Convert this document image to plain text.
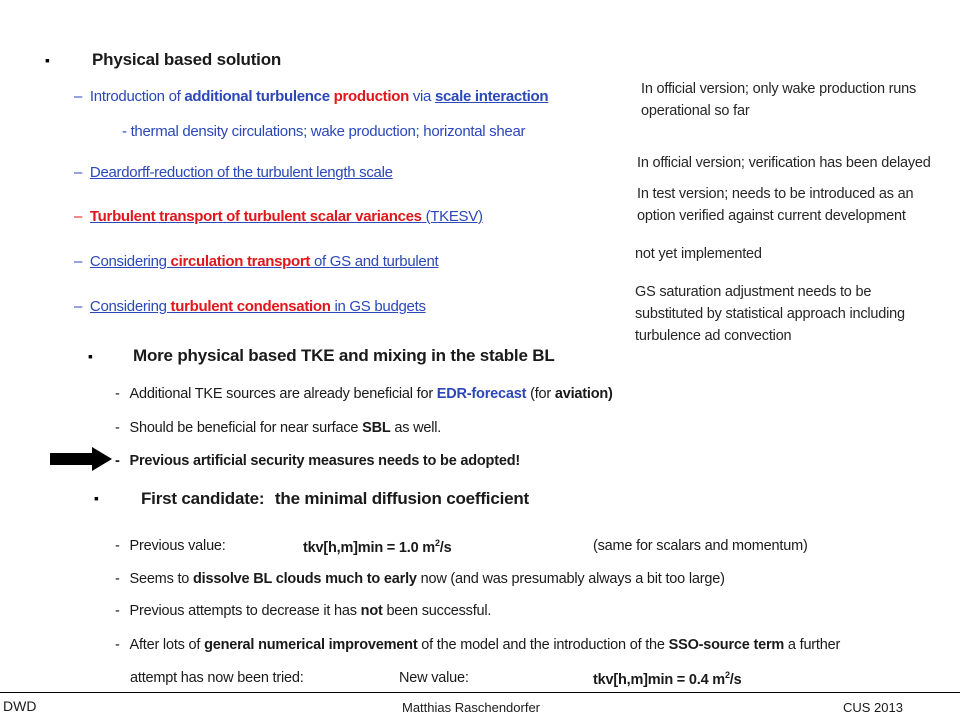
▪ Physical based solution
– Introduction of additional turbulence production via scale interaction
- thermal density circulations; wake production; horizontal shear
– Deardorff-reduction of the turbulent length scale
– Turbulent transport of turbulent scalar variances (TKESV)
– Considering circulation transport of GS and turbulent
– Considering turbulent condensation in GS budgets
In official version; only wake production runs
operational so far
In official version; verification has been delayed
In test version; needs to be introduced as an
option verified against current development
not yet implemented
GS saturation adjustment needs to be
substituted by statistical approach including
turbulence ad convection
▪ More physical based TKE and mixing in the stable BL
- Additional TKE sources are already beneficial for EDR-forecast (for aviation)
- Should be beneficial for near surface SBL as well.
- Previous artificial security measures needs to be adopted!
▪ First candidate: the minimal diffusion coefficient
- Previous value:	tkv[h,m]min = 1.0 $m^2/s$	(same for scalars and momentum)
- Seems to dissolve BL clouds much to early now (and was presumably always a bit too large)
- Previous attempts to decrease it has not been successful.
- After lots of general numerical improvement of the model and the introduction of the SSO-source term a further
attempt has now been tried:	New value:	tkv[h,m]min = 0.4 $m^2/s$
DWD	Matthias Raschendorfer	CUS 2013
